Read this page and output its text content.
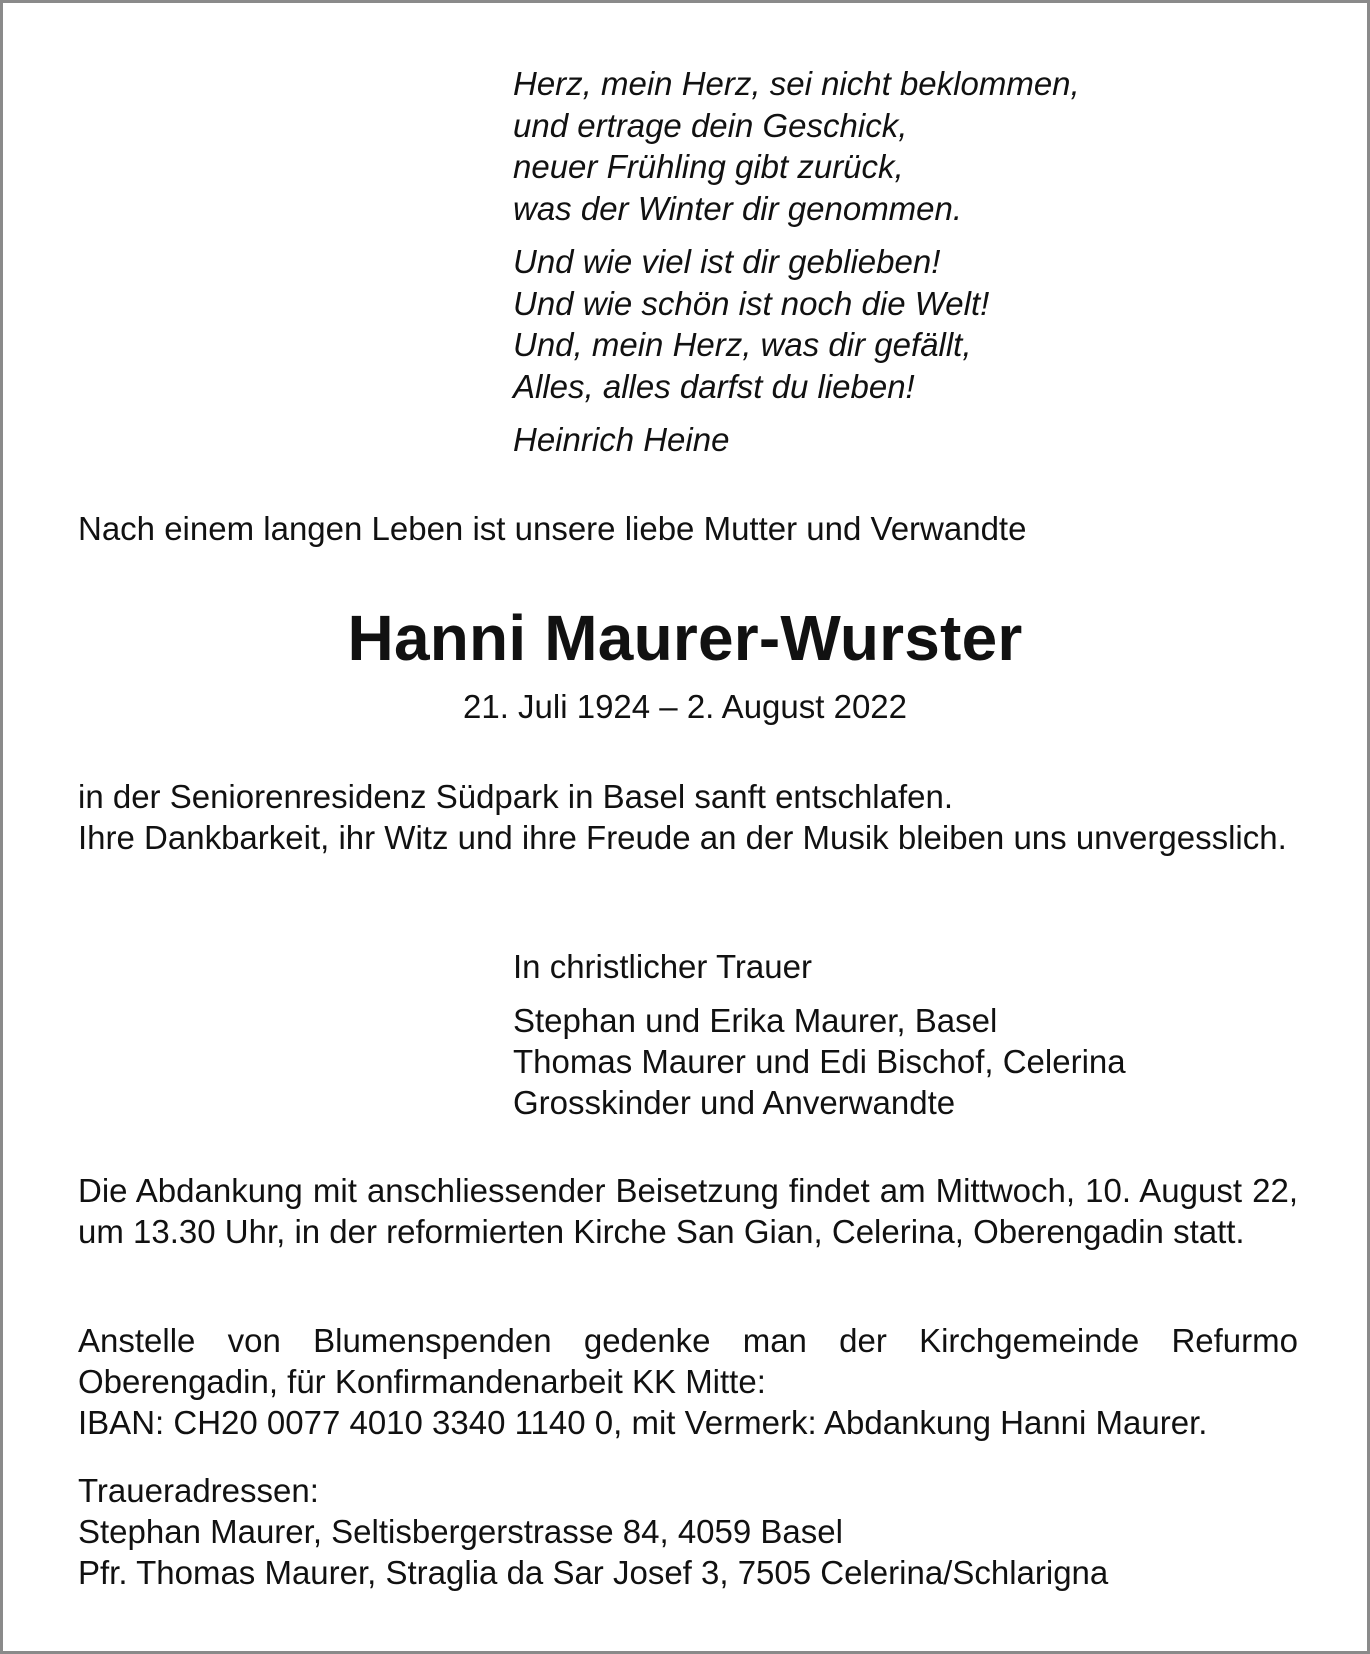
Herz, mein Herz, sei nicht beklommen,
und ertrage dein Geschick,
neuer Frühling gibt zurück,
was der Winter dir genommen.
Und wie viel ist dir geblieben!
Und wie schön ist noch die Welt!
Und, mein Herz, was dir gefällt,
Alles, alles darfst du lieben!
Heinrich Heine
Nach einem langen Leben ist unsere liebe Mutter und Verwandte
Hanni Maurer-Wurster
21. Juli 1924 – 2. August 2022
in der Seniorenresidenz Südpark in Basel sanft entschlafen.
Ihre Dankbarkeit, ihr Witz und ihre Freude an der Musik bleiben uns unvergesslich.
In christlicher Trauer
Stephan und Erika Maurer, Basel
Thomas Maurer und Edi Bischof, Celerina
Grosskinder und Anverwandte
Die Abdankung mit anschliessender Beisetzung findet am Mittwoch, 10. August 22, um 13.30 Uhr, in der reformierten Kirche San Gian, Celerina, Oberengadin statt.
Anstelle von Blumenspenden gedenke man der Kirchgemeinde Refurmo Oberengadin, für Konfirmandenarbeit KK Mitte:
IBAN: CH20 0077 4010 3340 1140 0, mit Vermerk: Abdankung Hanni Maurer.
Traueradressen:
Stephan Maurer, Seltisbergerstrasse 84, 4059 Basel
Pfr. Thomas Maurer, Straglia da Sar Josef 3, 7505 Celerina/Schlarigna
